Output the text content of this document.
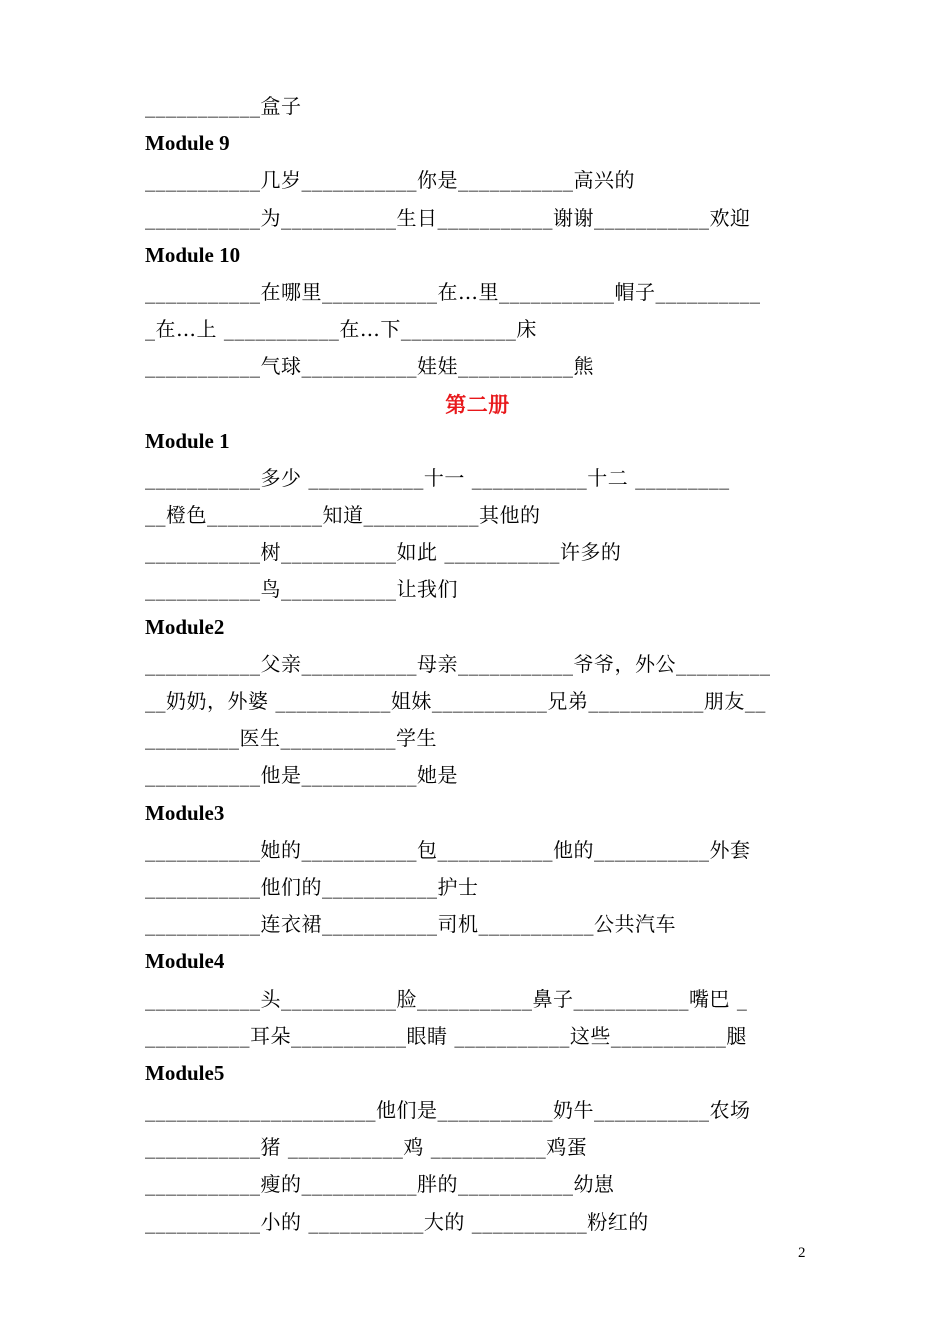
___________盒子
Module 9
___________几岁___________你是___________高兴的
___________为___________生日___________谢谢___________欢迎
Module 10
___________在哪里___________在…里___________帽子__________
_在…上 ___________在…下___________床
___________气球___________娃娃___________熊
第二册
Module 1
___________多少 ___________十一 ___________十二 _________
__橙色___________知道___________其他的
___________树___________如此 ___________许多的
___________鸟___________让我们
Module2
___________父亲___________母亲___________爷爷，外公_________
__奶奶，外婆 ___________姐妹___________兄弟___________朋友__
_________医生___________学生
___________他是___________她是
Module3
___________她的___________包___________他的___________外套
___________他们的___________护士
___________连衣裙___________司机___________公共汽车
Module4
___________头___________脸___________鼻子___________嘴巴 _
__________耳朵___________眼睛 ___________这些___________腿
Module5
______________________他们是___________奶牛___________农场
___________猪 ___________鸡 ___________鸡蛋
___________瘦的___________胖的___________幼崽
___________小的 ___________大的 ___________粉红的
2
